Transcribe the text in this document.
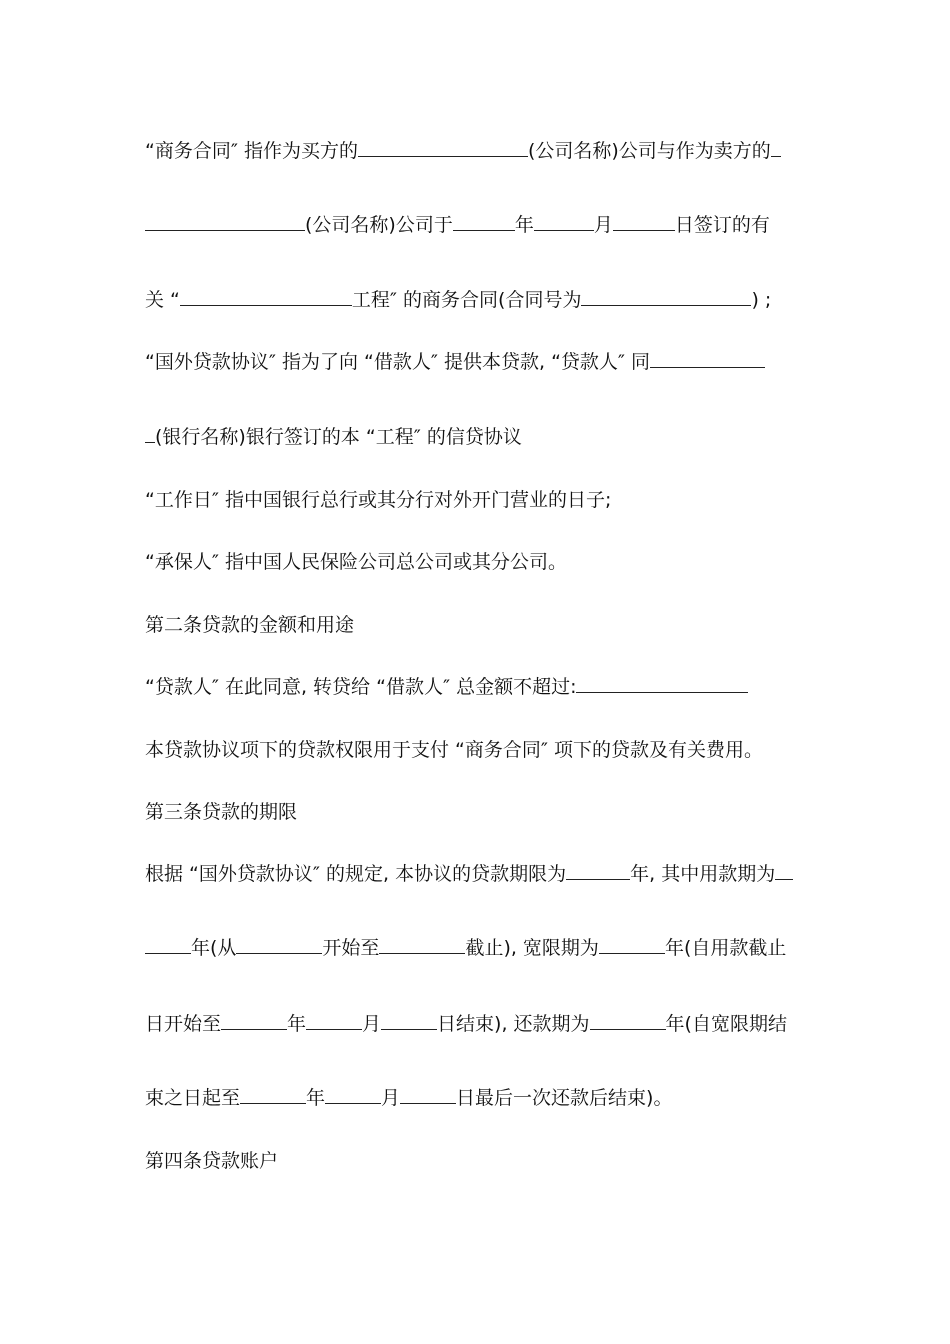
“商务合同″ 指作为买方的	(公司名称)公司与作为卖方的
(公司名称)公司于	年	月	日签订的有
关 “	工程″ 的商务合同(合同号为	) ;
“国外贷款协议″ 指为了向 “借款人″ 提供本贷款, “贷款人″ 同
(银行名称)银行签订的本 “工程″ 的信贷协议
“工作日″ 指中国银行总行或其分行对外开门营业的日子;
“承保人″ 指中国人民保险公司总公司或其分公司。
第二条贷款的金额和用途
“贷款人″ 在此同意, 转贷给 “借款人″ 总金额不超过:
本贷款协议项下的贷款权限用于支付 “商务合同″ 项下的贷款及有关费用。
第三条贷款的期限
根据 “国外贷款协议″ 的规定, 本协议的贷款期限为	年, 其中用款期为
年(从	开始至	截止), 宽限期为	年(自用款截止
日开始至	年	月	日结束), 还款期为	年(自宽限期结
束之日起至	年	月	日最后一次还款后结束)。
第四条贷款账户
